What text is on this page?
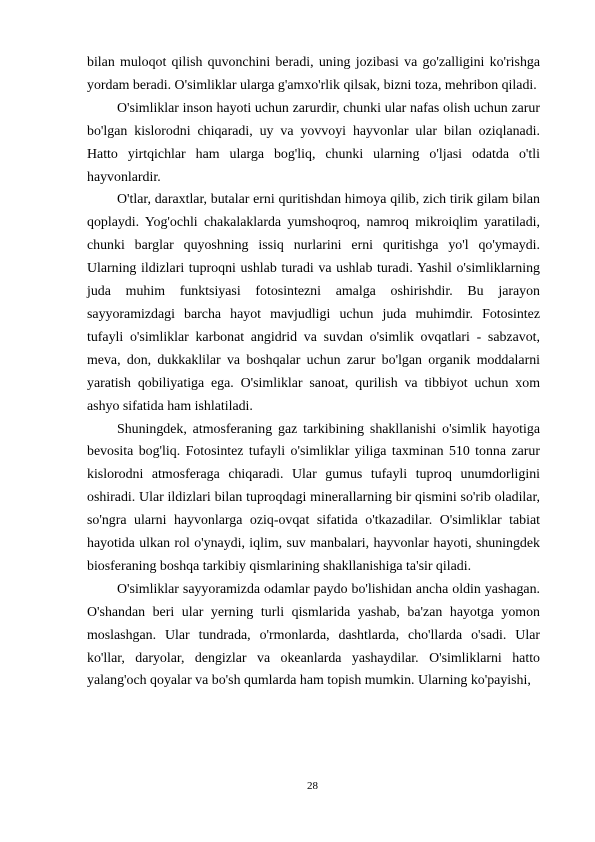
bilan muloqot qilish quvonchini beradi, uning jozibasi va go'zalligini ko'rishga yordam beradi. O'simliklar ularga g'amxo'rlik qilsak, bizni toza, mehribon qiladi.

O'simliklar inson hayoti uchun zarurdir, chunki ular nafas olish uchun zarur bo'lgan kislorodni chiqaradi, uy va yovvoyi hayvonlar ular bilan oziqlanadi. Hatto yirtqichlar ham ularga bog'liq, chunki ularning o'ljasi odatda o'tli hayvonlardir.

O'tlar, daraxtlar, butalar erni quritishdan himoya qilib, zich tirik gilam bilan qoplaydi. Yog'ochli chakalaklarda yumshoqroq, namroq mikroiqlim yaratiladi, chunki barglar quyoshning issiq nurlarini erni quritishga yo'l qo'ymaydi. Ularning ildizlari tuproqni ushlab turadi va ushlab turadi. Yashil o'simliklarning juda muhim funktsiyasi fotosintezni amalga oshirishdir. Bu jarayon sayyoramizdagi barcha hayot mavjudligi uchun juda muhimdir. Fotosintez tufayli o'simliklar karbonat angidrid va suvdan o'simlik ovqatlari - sabzavot, meva, don, dukkaklilar va boshqalar uchun zarur bo'lgan organik moddalarni yaratish qobiliyatiga ega. O'simliklar sanoat, qurilish va tibbiyot uchun xom ashyo sifatida ham ishlatiladi.

Shuningdek, atmosferaning gaz tarkibining shakllanishi o'simlik hayotiga bevosita bog'liq. Fotosintez tufayli o'simliklar yiliga taxminan 510 tonna zarur kislorodni atmosferaga chiqaradi. Ular gumus tufayli tuproq unumdorligini oshiradi. Ular ildizlari bilan tuproqdagi minerallarning bir qismini so'rib oladilar, so'ngra ularni hayvonlarga oziq-ovqat sifatida o'tkazadilar. O'simliklar tabiat hayotida ulkan rol o'ynaydi, iqlim, suv manbalari, hayvonlar hayoti, shuningdek biosferaning boshqa tarkibiy qismlarining shakllanishiga ta'sir qiladi.

O'simliklar sayyoramizda odamlar paydo bo'lishidan ancha oldin yashagan. O'shandan beri ular yerning turli qismlarida yashab, ba'zan hayotga yomon moslashgan. Ular tundrada, o'rmonlarda, dashtlarda, cho'llarda o'sadi. Ular ko'llar, daryolar, dengizlar va okeanlarda yashaydilar. O'simliklarni hatto yalang'och qoyalar va bo'sh qumlarda ham topish mumkin. Ularning ko'payishi,

28
